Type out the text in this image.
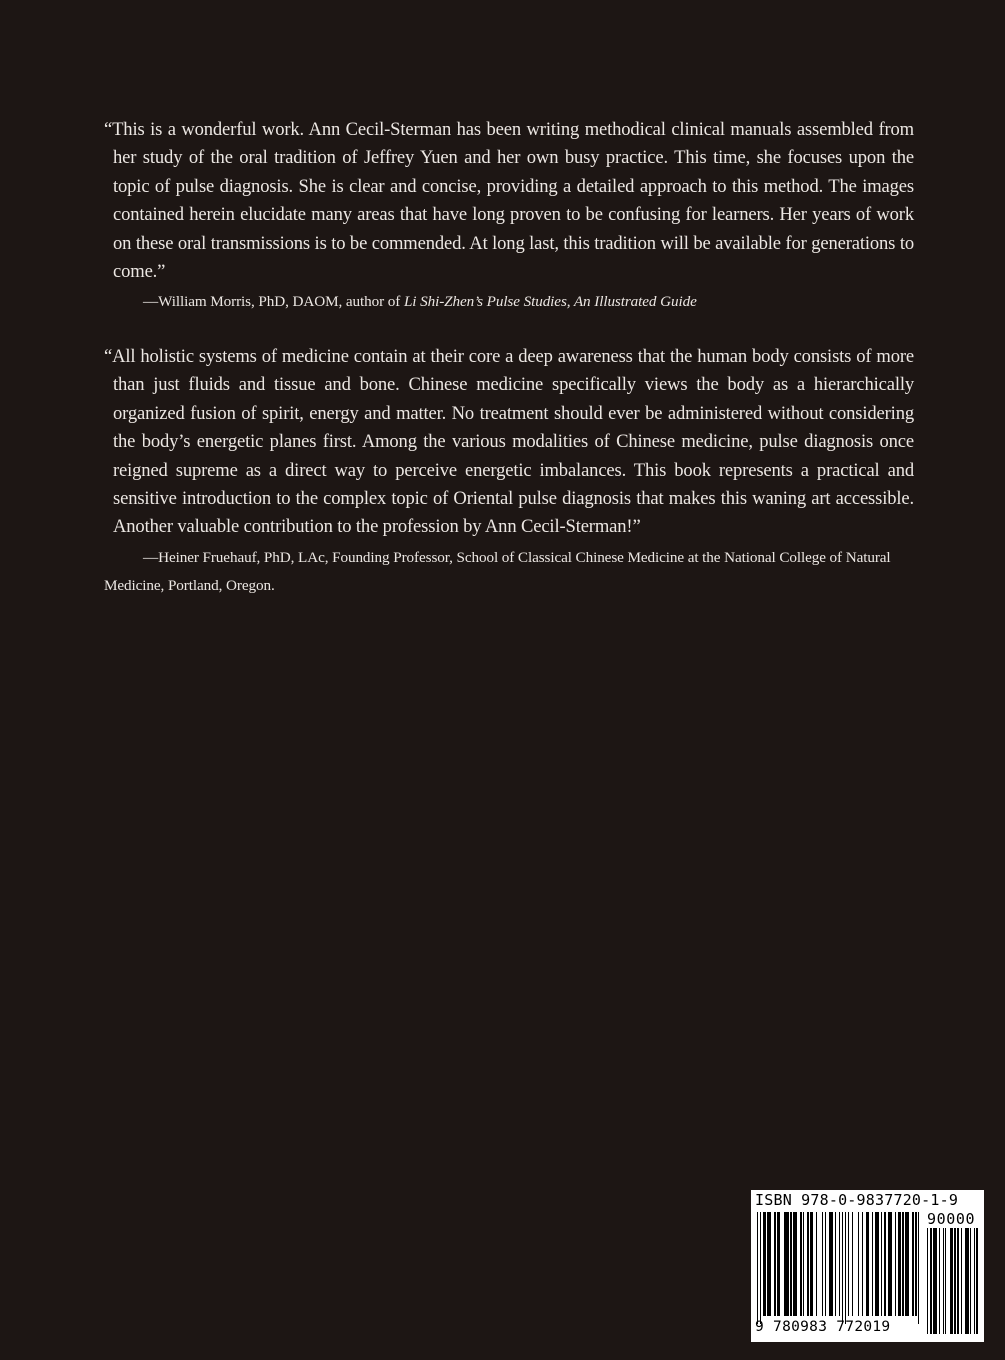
“This is a wonderful work. Ann Cecil-Sterman has been writing methodical clinical manuals assembled from her study of the oral tradition of Jeffrey Yuen and her own busy practice. This time, she focuses upon the topic of pulse diagnosis. She is clear and concise, providing a detailed approach to this method. The images contained herein elucidate many areas that have long proven to be confusing for learners. Her years of work on these oral transmissions is to be commended. At long last, this tradition will be available for generations to come.”

—William Morris, PhD, DAOM, author of Li Shi-Zhen’s Pulse Studies, An Illustrated Guide

“All holistic systems of medicine contain at their core a deep awareness that the human body consists of more than just fluids and tissue and bone. Chinese medicine specifically views the body as a hierarchically organized fusion of spirit, energy and matter. No treatment should ever be administered without considering the body’s energetic planes first. Among the various modalities of Chinese medicine, pulse diagnosis once reigned supreme as a direct way to perceive energetic imbalances. This book represents a practical and sensitive introduction to the complex topic of Oriental pulse diagnosis that makes this waning art accessible. Another valuable contribution to the profession by Ann Cecil-Sterman!”

—Heiner Fruehauf, PhD, LAc, Founding Professor, School of Classical Chinese Medicine at the National College of Natural Medicine, Portland, Oregon.

ISBN 978-0-9837720-1-9
90000
9 780983 772019
